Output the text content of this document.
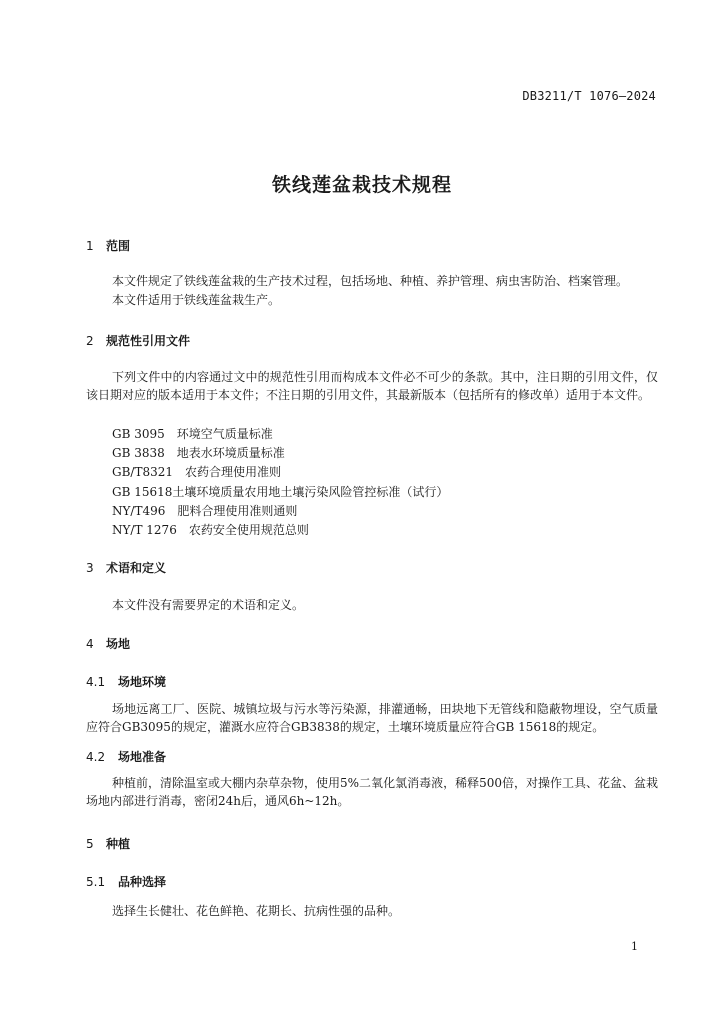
DB3211/T 1076—2024
铁线莲盆栽技术规程
1 范围
本文件规定了铁线莲盆栽的生产技术过程，包括场地、种植、养护管理、病虫害防治、档案管理。
本文件适用于铁线莲盆栽生产。
2 规范性引用文件
下列文件中的内容通过文中的规范性引用而构成本文件必不可少的条款。其中，注日期的引用文件，仅该日期对应的版本适用于本文件；不注日期的引用文件，其最新版本（包括所有的修改单）适用于本文件。
GB 3095　环境空气质量标准
GB 3838　地表水环境质量标准
GB/T8321　农药合理使用准则
GB 15618土壤环境质量农用地土壤污染风险管控标准（试行）
NY/T496　肥料合理使用准则通则
NY/T 1276　农药安全使用规范总则
3 术语和定义
本文件没有需要界定的术语和定义。
4 场地
4.1 场地环境
场地远离工厂、医院、城镇垃圾与污水等污染源，排灌通畅，田块地下无管线和隐蔽物埋设，空气质量应符合GB3095的规定，灌溉水应符合GB3838的规定，土壤环境质量应符合GB 15618的规定。
4.2 场地准备
种植前，清除温室或大棚内杂草杂物，使用5%二氧化氯消毒液，稀释500倍，对操作工具、花盆、盆栽场地内部进行消毒，密闭24h后，通风6h~12h。
5 种植
5.1 品种选择
选择生长健壮、花色鲜艳、花期长、抗病性强的品种。
1
